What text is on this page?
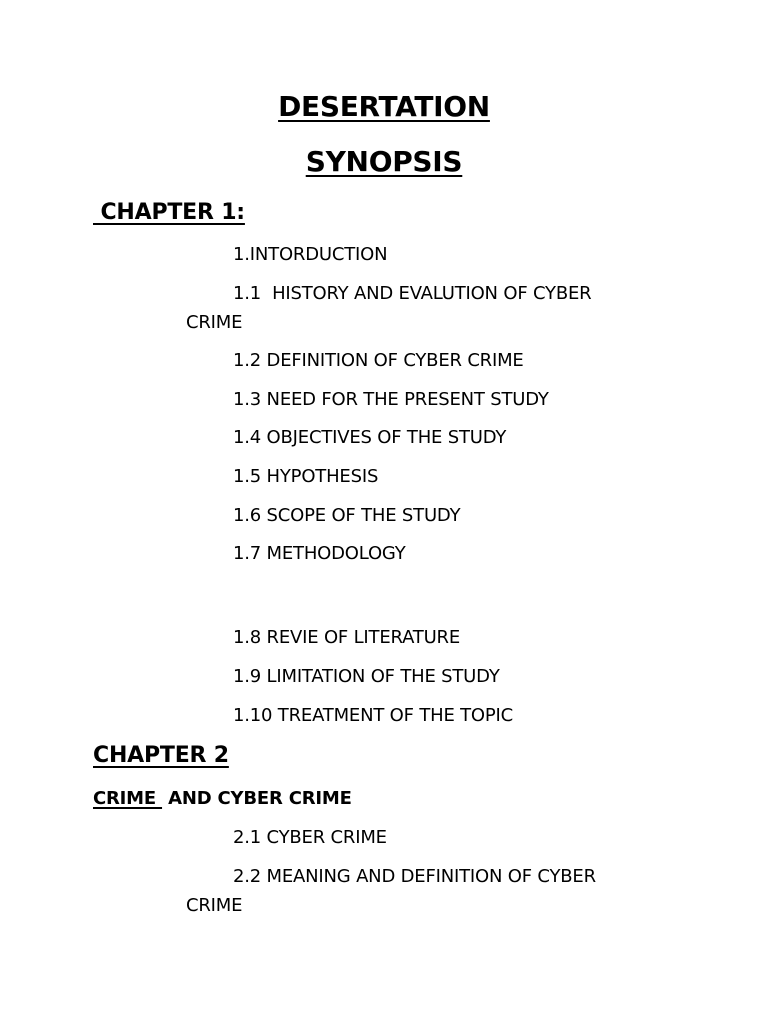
DESERTATION
SYNOPSIS
CHAPTER 1:
1.INTORDUCTION
1.1  HISTORY AND EVALUTION OF CYBER CRIME
1.2 DEFINITION OF CYBER CRIME
1.3 NEED FOR THE PRESENT STUDY
1.4 OBJECTIVES OF THE STUDY
1.5 HYPOTHESIS
1.6 SCOPE OF THE STUDY
1.7 METHODOLOGY
1.8 REVIE OF LITERATURE
1.9 LIMITATION OF THE STUDY
1.10 TREATMENT OF THE TOPIC
CHAPTER 2
CRIME  AND CYBER CRIME
2.1 CYBER CRIME
2.2 MEANING AND DEFINITION OF CYBER CRIME
